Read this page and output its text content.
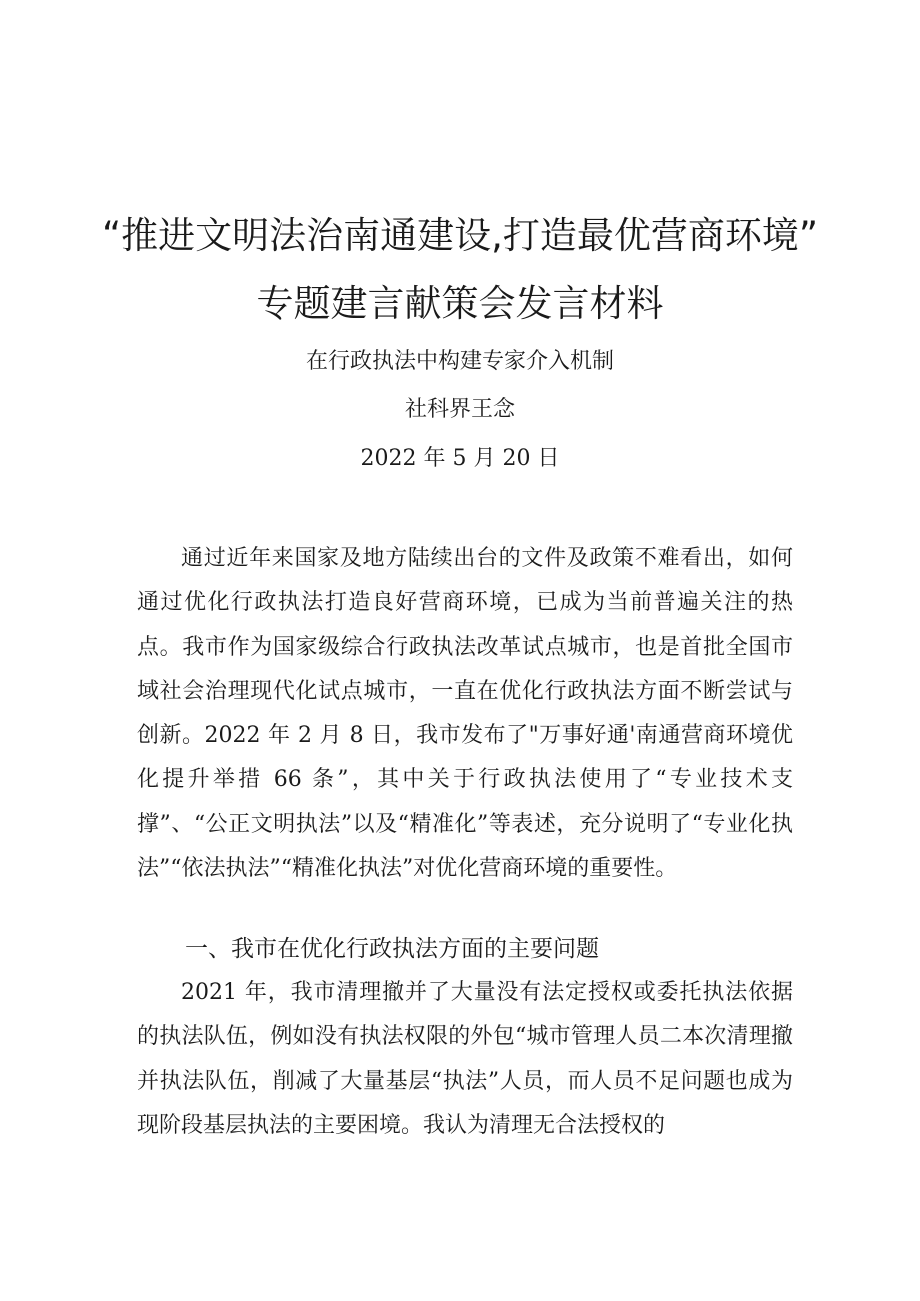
“推进文明法治南通建设,打造最优营商环境”
专题建言献策会发言材料

在行政执法中构建专家介入机制

社科界王念

2022 年 5 月 20 日

通过近年来国家及地方陆续出台的文件及政策不难看出，如何通过优化行政执法打造良好营商环境，已成为当前普遍关注的热点。我市作为国家级综合行政执法改革试点城市，也是首批全国市域社会治理现代化试点城市，一直在优化行政执法方面不断尝试与创新。2022 年 2 月 8 日，我市发布了"万事好通'南通营商环境优化提升举措 66 条”，其中关于行政执法使用了“专业技术支撑”、“公正文明执法”以及“精准化”等表述，充分说明了“专业化执法”“依法执法”“精准化执法”对优化营商环境的重要性。

一、我市在优化行政执法方面的主要问题

2021 年，我市清理撤并了大量没有法定授权或委托执法依据的执法队伍，例如没有执法权限的外包“城市管理人员二本次清理撤并执法队伍，削减了大量基层“执法”人员，而人员不足问题也成为现阶段基层执法的主要困境。我认为清理无合法授权的
